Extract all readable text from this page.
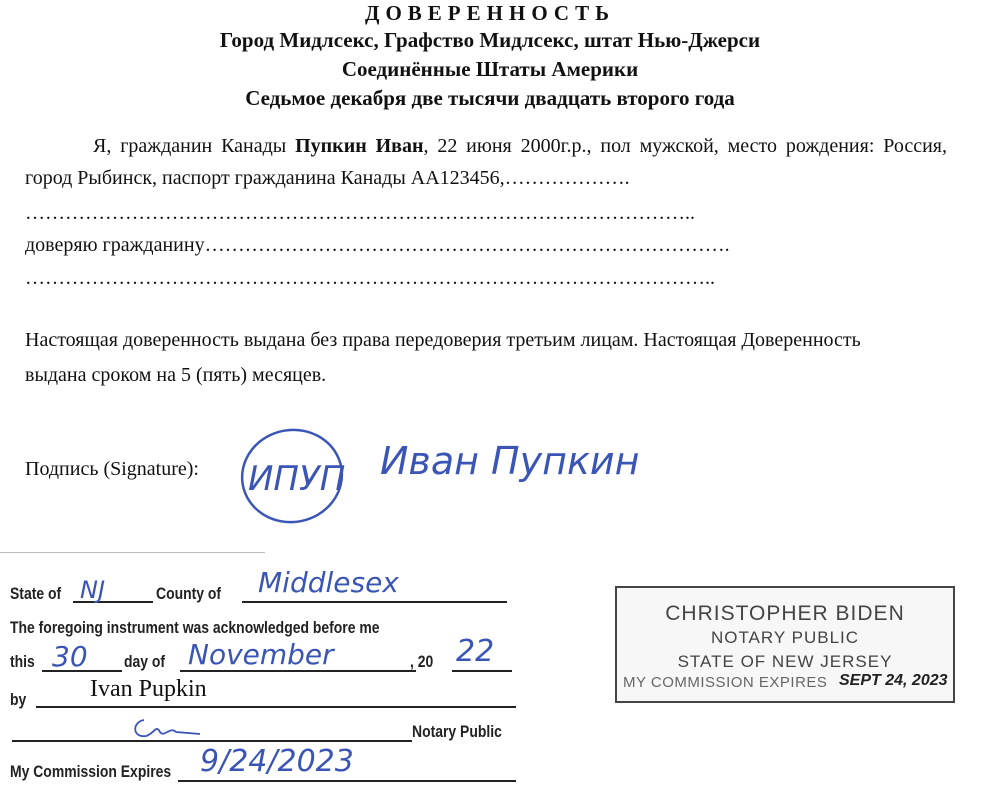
ДОВЕРЕННОСТЬ
Город Мидлсекс, Графство Мидлсекс, штат Нью-Джерси
Соединённые Штаты Америки
Седьмое декабря две тысячи двадцать второго года

Я, гражданин Канады Пупкин Иван, 22 июня 2000г.р., пол мужской, место рождения: Россия, город Рыбинск, паспорт гражданина Канады АА123456,……………….

………………………………………………………………………………………..
доверяю гражданину…………………………………………………………………….
…………………………………………………………………………………………..
Настоящая доверенность выдана без права передоверия третьим лицам. Настоящая Доверенность выдана сроком на 5 (пять) месяцев.
Подпись (Signature): ИПУП Иван Пупкин
State of NJ	County of Middlesex
The foregoing instrument was acknowledged before me
this 30 day of November	, 20 22
by	Ivan Pupkin
Notary Public
My Commission Expires 9/24/2023
CHRISTOPHER BIDEN
NOTARY PUBLIC
STATE OF NEW JERSEY
MY COMMISSION EXPIRES SEPT 24, 2023
